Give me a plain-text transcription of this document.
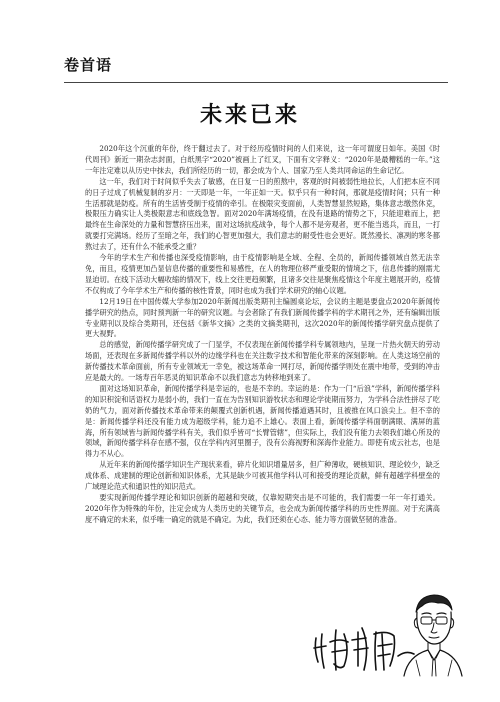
卷首语
未来已来

2020年这个沉重的年份，终于翻过去了。对于经历疫情时间的人们来说，这一年可谓度日如年。美国《时代周刊》新近一期杂志封面，白纸黑字“2020”被画上了红叉，下面有文字释义：“2020年是最糟糕的一年。”这一年注定难以从历史中抹去，我们所经历的一切，都会成为个人、国家乃至人类共同命运的生命记忆。

这一年，我们对于时间似乎失去了敏感，在日复一日的煎熬中，客观的时间被弱性地拉长，人们把本应不同的日子过成了机械复制的岁月：一天即是一年，一年正如一天。似乎只有一种时间，那就是疫情时间；只有一种生活那就是防疫。所有的生活皆受制于疫情的牵引。在极限灾变面前，人类智慧显然短路，集体意志缴然休克，极限压力确实让人类极限意志和底线急智。面对2020年满场疫情，在没有退路的情势之下，只能迎难而上，把最终在生命深处的力量和智慧挤压出来，面对这场抗疫战争，每个人都不是旁观者，更不能当逃兵，而且，一打就要打完满场。经历了至暗之年，我们的心智更加强大，我们意志的耐受性也会更好。既然漫长、凛冽的寒冬都熬过去了，还有什么不能承受之重？

今年的学术生产和传播也深受疫情影响，由于疫情影响是全域、全程、全员的，新闻传播领域自然无法幸免，而且，疫情更加凸显信息传播的重要性和易感性，在人的物理位移严重受限的情境之下，信息传播的刚需尤显迫切。在线下活动大幅收缩的情况下，线上交往更趋频繁，且诸多交往是聚焦疫情这个年度主题展开的，疫情不仅构成了今年学术生产和传播的核性背景，同时也成为我们学术研究的轴心议题。

12月19日在中国传媒大学参加2020年新闻出版类期刊主编圆桌论坛，会议的主题是要盘点2020年新闻传播学研究的热点，同时预判新一年的研究议题。与会者除了有我们新闻传播学科的学术期刊之外，还有编辑出版专业期刊以及综合类期刊，还包括《新华文摘》之类的文摘类期刊，这次2020年的新闻传播学研究盘点提供了更大视野。

总的感觉，新闻传播学研究成了一门显学，不仅表现在新闻传播学科专属领地内，呈现一片热火朝天的劳动场面，还表现在多新闻传播学科以外的边缘学科也在关注数字技术和智能化带来的深刻影响。在人类这场空前的新传播技术革命面前，所有专业领域无一幸免，被这场革命一网打尽，新闻传播学则处在震中地带，受到的冲击应是最大的。一场寿百年恶灵的知识革命不以我们意志为转移地到来了。

面对这场知识革命，新闻传播学科是幸运的，也是不幸的。幸运的是：作为一门“后浪”学科，新闻传播学科的知识积淀和话语权力是弱小的，我们一直在为告别知识游牧状态和理论学徒期而努力，为学科合法性拼尽了吃奶的气力，面对新传播技术革命带来的颠覆式创新机遇，新闻传播道遇其时，且被推在风口浪尖上。但不幸的是：新闻传播学科还没有能力成为超级学科，能力追不上雄心。表面上看，新闻传播学科面朝满眼、满屏的蓝海，所有领域皆与新闻传播学科有关，我们似乎皆可“长臂管辖”，但实际上，我们没有能力去领我们雄心所及的领域，新闻传播学科存在感不强，仅在学科内河里圈子，没有公海视野和深海作业能力。即使有成云社志，也是得力不从心。

从近年来的新闻传播学知识生产现状来看，碎片化知识增量居多，但广种薄收，硬核知识、理论较少，缺乏成体系、成建制的理论创新和知识体系，尤其是缺少可被其他学科认可和接受的理论贡献，鲜有超越学科壁垒的广域理论范式和通识性的知识范式。

要实现新闻传播学理论和知识创新的超越和突破，仅靠短期突击是不可能的，我们需要一年一年打通关。2020年作为特殊的年份，注定会成为人类历史的关键节点，也会成为新闻传播学科的历史性界面。对于充满高度不确定的未来，似乎唯一确定的就是不确定。为此，我们还须在心态、能力等方面做坚韧的准备。
